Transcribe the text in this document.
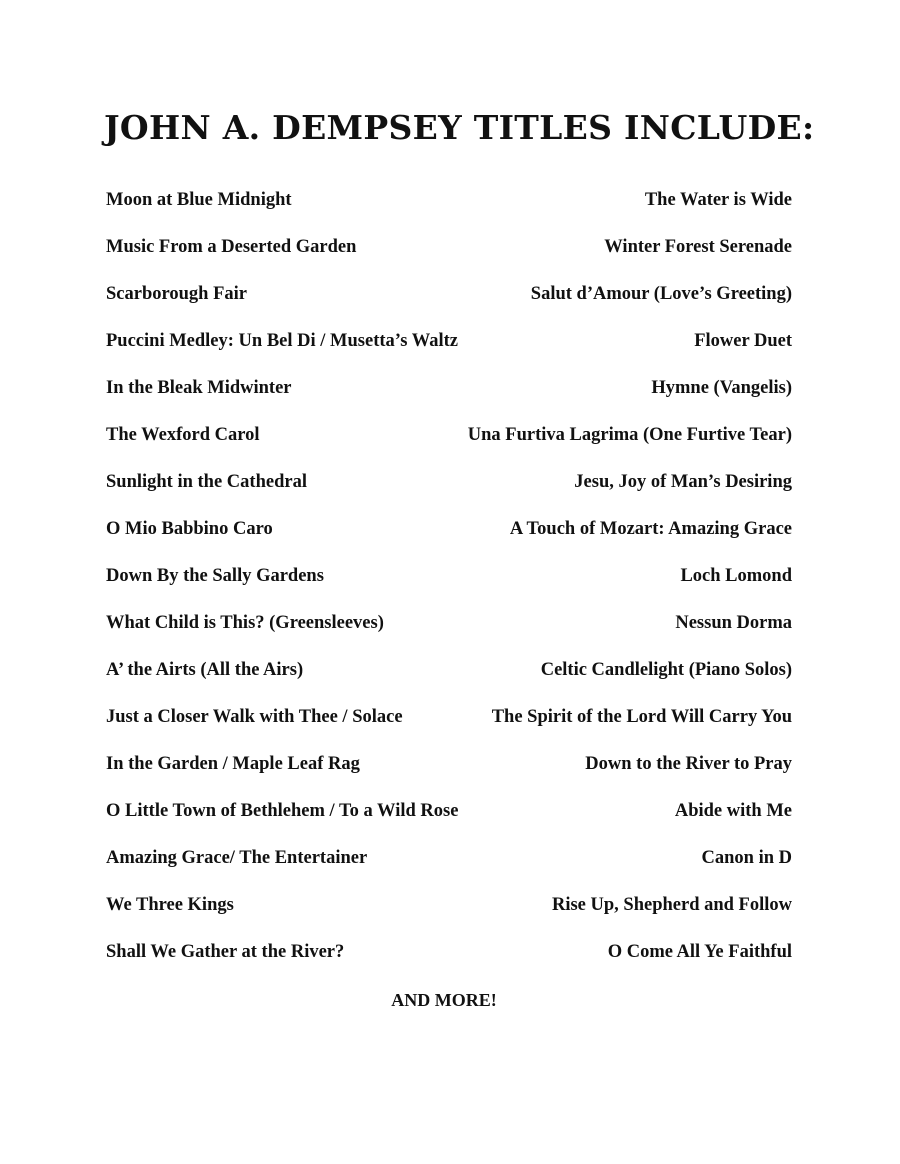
JOHN A. DEMPSEY TITLES INCLUDE:
Moon at Blue Midnight	The Water is Wide
Music From a Deserted Garden	Winter Forest Serenade
Scarborough Fair	Salut d’Amour (Love’s Greeting)
Puccini Medley: Un Bel Di / Musetta’s Waltz	Flower Duet
In the Bleak Midwinter	Hymne (Vangelis)
The Wexford Carol	Una Furtiva Lagrima (One Furtive Tear)
Sunlight in the Cathedral	Jesu, Joy of Man’s Desiring
O Mio Babbino Caro	A Touch of Mozart: Amazing Grace
Down By the Sally Gardens	Loch Lomond
What Child is This? (Greensleeves)	Nessun Dorma
A’ the Airts (All the Airs)	Celtic Candlelight (Piano Solos)
Just a Closer Walk with Thee / Solace	The Spirit of the Lord Will Carry You
In the Garden / Maple Leaf Rag	Down to the River to Pray
O Little Town of Bethlehem / To a Wild Rose	Abide with Me
Amazing Grace/ The Entertainer	Canon in D
We Three Kings	Rise Up, Shepherd and Follow
Shall We Gather at the River?	O Come All Ye Faithful

AND MORE!
